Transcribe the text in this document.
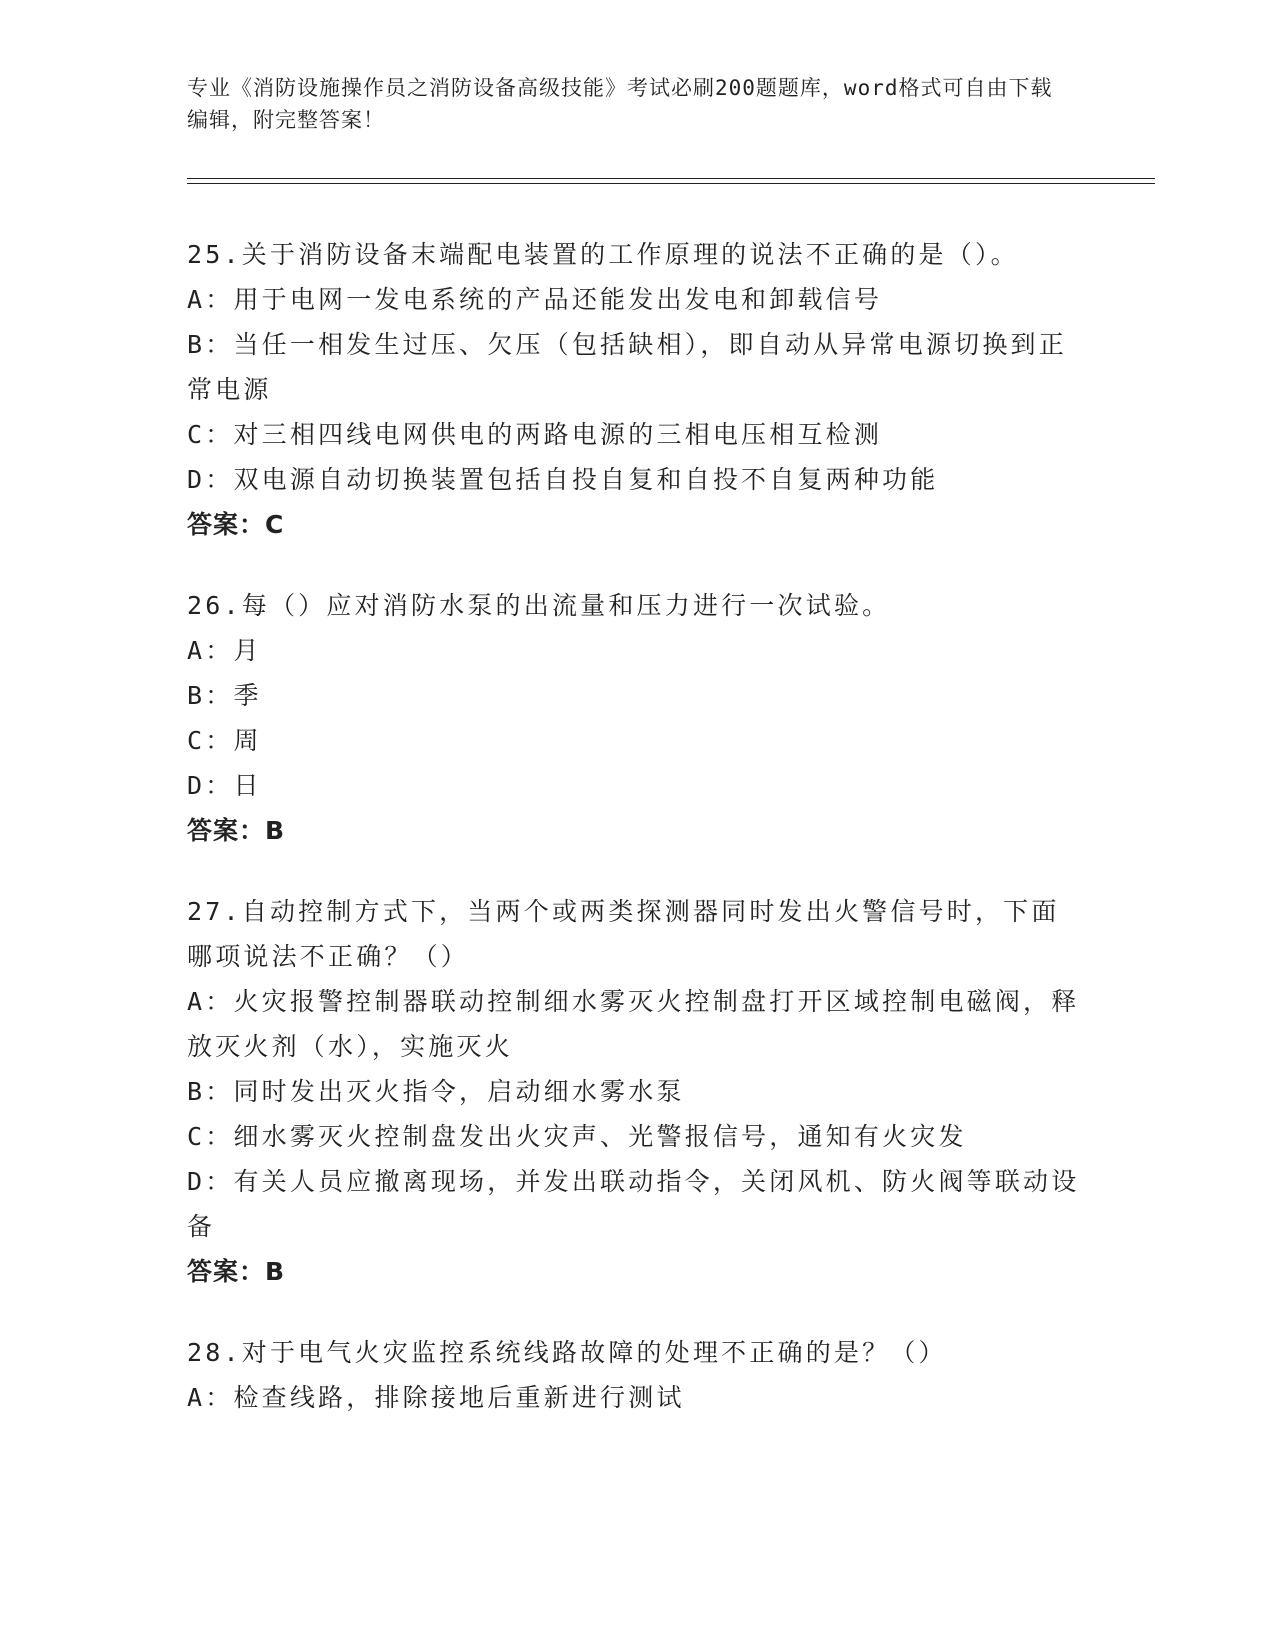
专业《消防设施操作员之消防设备高级技能》考试必刷200题题库，word格式可自由下载编辑，附完整答案！
25.关于消防设备末端配电装置的工作原理的说法不正确的是（）。
A：用于电网一发电系统的产品还能发出发电和卸载信号
B：当任一相发生过压、欠压（包括缺相），即自动从异常电源切换到正常电源
C：对三相四线电网供电的两路电源的三相电压相互检测
D：双电源自动切换装置包括自投自复和自投不自复两种功能
答案：C
26.每（）应对消防水泵的出流量和压力进行一次试验。
A：月
B：季
C：周
D：日
答案：B
27.自动控制方式下，当两个或两类探测器同时发出火警信号时，下面哪项说法不正确？（）
A：火灾报警控制器联动控制细水雾灭火控制盘打开区域控制电磁阀，释放灭火剂（水），实施灭火
B：同时发出灭火指令，启动细水雾水泵
C：细水雾灭火控制盘发出火灾声、光警报信号，通知有火灾发
D：有关人员应撤离现场，并发出联动指令，关闭风机、防火阀等联动设备
答案：B
28.对于电气火灾监控系统线路故障的处理不正确的是？（）
A：检查线路，排除接地后重新进行测试
